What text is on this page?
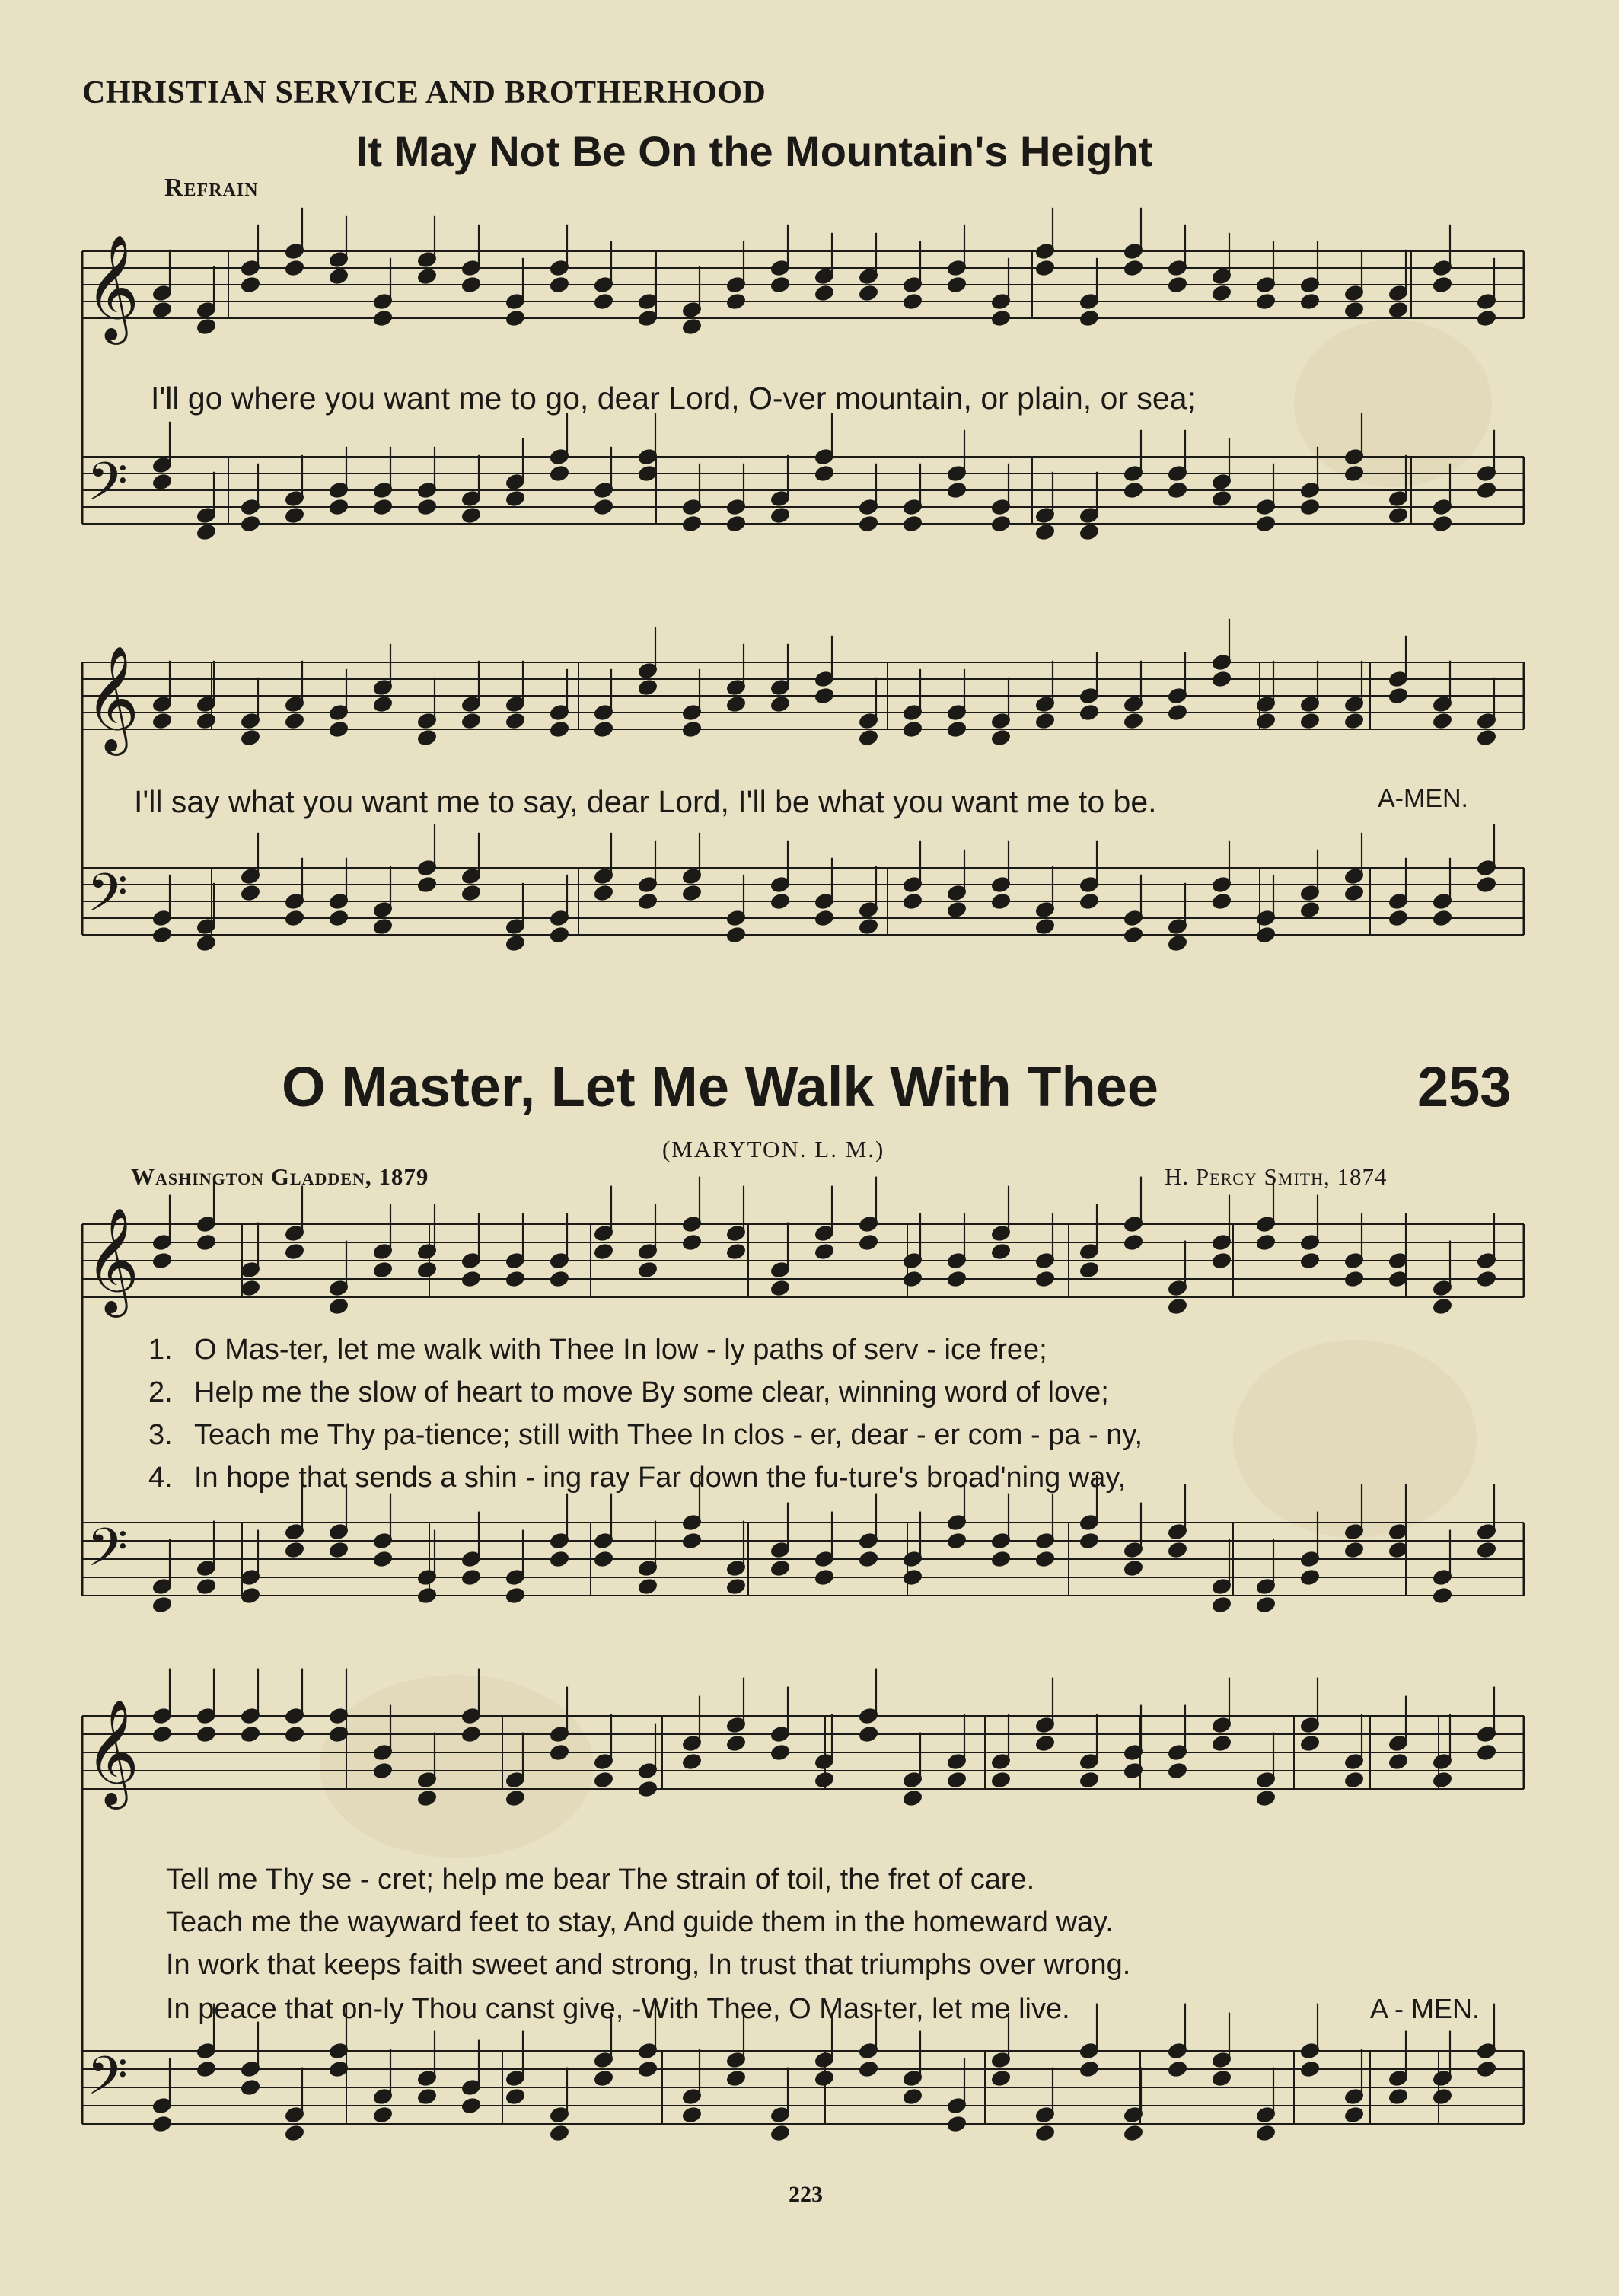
𝄞
𝄞
𝄞
𝄞
𝄢
𝄢
𝄢
𝄢
CHRISTIAN SERVICE AND BROTHERHOOD
It May Not Be On the Mountain's Height
Refrain
I'll go where you want me to go, dear Lord, O-ver mountain, or plain, or sea;
I'll say what you want me to say, dear Lord, I'll be what you want me to be.	A-MEN.
O Master, Let Me Walk With Thee	253
(MARYTON. L. M.)
Washington Gladden, 1879	H. Percy Smith, 1874
1. O Mas-ter, let me walk with Thee In low - ly paths of serv - ice free;
2. Help me the slow of heart to move By some clear, winning word of love;
3. Teach me Thy pa-tience; still with Thee In clos - er, dear - er com - pa - ny,
4. In hope that sends a shin - ing ray Far down the fu-ture's broad'ning way,
Tell me Thy se - cret; help me bear The strain of toil, the fret of care.
Teach me the wayward feet to stay, And guide them in the homeward way.
In work that keeps faith sweet and strong, In trust that triumphs over wrong.
In peace that on-ly Thou canst give, -With Thee, O Mas-ter, let me live.	A - MEN.
223
